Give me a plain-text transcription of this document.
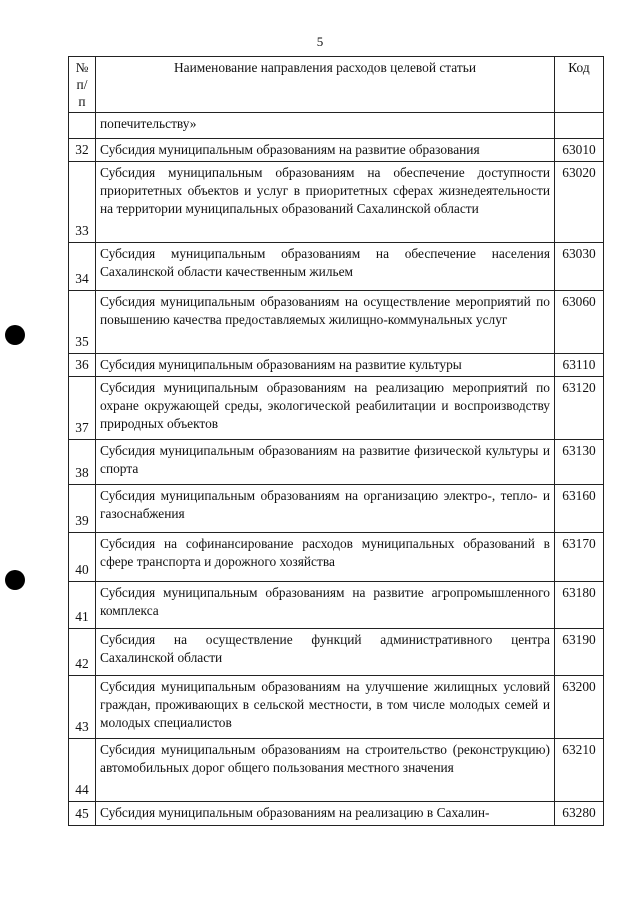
5
№ п/п	Наименование направления расходов целевой статьи	Код
	попечительству»	
32	Субсидия муниципальным образованиям на развитие образования	63010
33	Субсидия муниципальным образованиям на обеспечение доступности приоритетных объектов и услуг в приоритетных сферах жизнедеятельности на территории муниципальных образований Сахалинской области	63020
34	Субсидия муниципальным образованиям на обеспечение населения Сахалинской области качественным жильем	63030
35	Субсидия муниципальным образованиям на осуществление мероприятий по повышению качества предоставляемых жилищно-коммунальных услуг	63060
36	Субсидия муниципальным образованиям на развитие культуры	63110
37	Субсидия муниципальным образованиям на реализацию мероприятий по охране окружающей среды, экологической реабилитации и воспроизводству природных объектов	63120
38	Субсидия муниципальным образованиям на развитие физической культуры и спорта	63130
39	Субсидия муниципальным образованиям на организацию электро-, тепло- и газоснабжения	63160
40	Субсидия на софинансирование расходов муниципальных образований в сфере транспорта и дорожного хозяйства	63170
41	Субсидия муниципальным образованиям на развитие агропромышленного комплекса	63180
42	Субсидия на осуществление функций административного центра Сахалинской области	63190
43	Субсидия муниципальным образованиям на улучшение жилищных условий граждан, проживающих в сельской местности, в том числе молодых семей и молодых специалистов	63200
44	Субсидия муниципальным образованиям на строительство (реконструкцию) автомобильных дорог общего пользования местного значения	63210
45	Субсидия муниципальным образованиям на реализацию в Сахалин-	63280
